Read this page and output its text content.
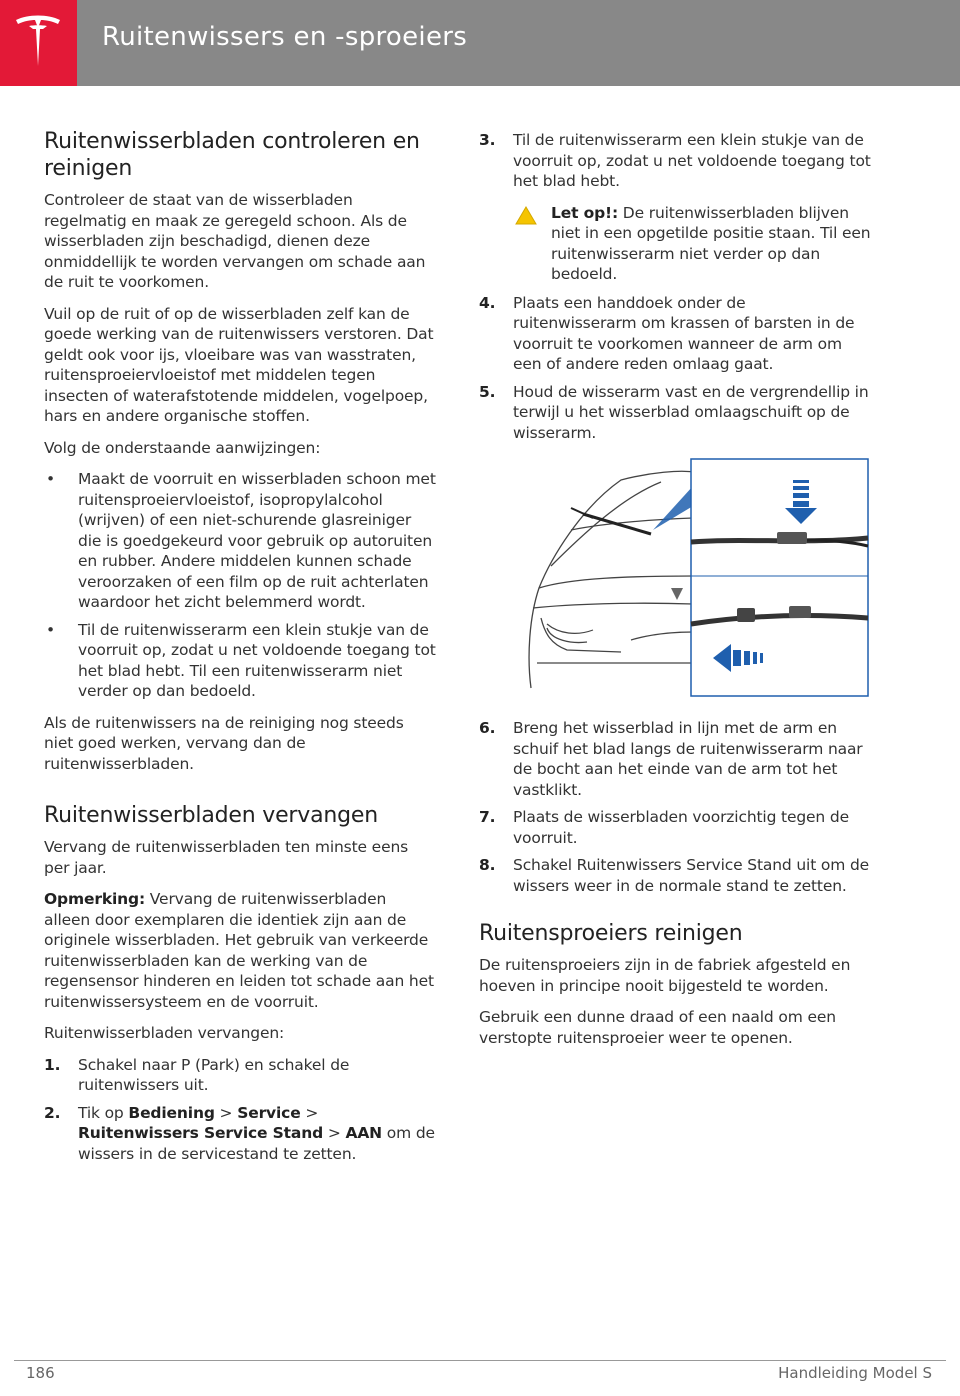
Ruitenwissers en -sproeiers
Ruitenwisserbladen controleren en reinigen

Controleer de staat van de wisserbladen regelmatig en maak ze geregeld schoon. Als de wisserbladen zijn beschadigd, dienen deze onmiddellijk te worden vervangen om schade aan de ruit te voorkomen.

Vuil op de ruit of op de wisserbladen zelf kan de goede werking van de ruitenwissers verstoren. Dat geldt ook voor ijs, vloeibare was van wasstraten, ruitensproeiervloeistof met middelen tegen insecten of waterafstotende middelen, vogelpoep, hars en andere organische stoffen.

Volg de onderstaande aanwijzingen:

• Maakt de voorruit en wisserbladen schoon met ruitensproeiervloeistof, isopropylalcohol (wrijven) of een niet-schurende glasreiniger die is goedgekeurd voor gebruik op autoruiten en rubber. Andere middelen kunnen schade veroorzaken of een film op de ruit achterlaten waardoor het zicht belemmerd wordt.
• Til de ruitenwisserarm een klein stukje van de voorruit op, zodat u net voldoende toegang tot het blad hebt. Til een ruitenwisserarm niet verder op dan bedoeld.

Als de ruitenwissers na de reiniging nog steeds niet goed werken, vervang dan de ruitenwisserbladen.

Ruitenwisserbladen vervangen

Vervang de ruitenwisserbladen ten minste eens per jaar.

Opmerking: Vervang de ruitenwisserbladen alleen door exemplaren die identiek zijn aan de originele wisserbladen. Het gebruik van verkeerde ruitenwisserbladen kan de werking van de regensensor hinderen en leiden tot schade aan het ruitenwissersysteem en de voorruit.

Ruitenwisserbladen vervangen:

1. Schakel naar P (Park) en schakel de ruitenwissers uit.
2. Tik op Bediening > Service > Ruitenwissers Service Stand > AAN om de wissers in de servicestand te zetten.
3. Til de ruitenwisserarm een klein stukje van de voorruit op, zodat u net voldoende toegang tot het blad hebt.
Let op!: De ruitenwisserbladen blijven niet in een opgetilde positie staan. Til een ruitenwisserarm niet verder op dan bedoeld.
4. Plaats een handdoek onder de ruitenwisserarm om krassen of barsten in de voorruit te voorkomen wanneer de arm om een of andere reden omlaag gaat.
5. Houd de wisserarm vast en de vergrendellip in terwijl u het wisserblad omlaagschuift op de wisserarm.
6. Breng het wisserblad in lijn met de arm en schuif het blad langs de ruitenwisserarm naar de bocht aan het einde van de arm tot het vastklikt.
7. Plaats de wisserbladen voorzichtig tegen de voorruit.
8. Schakel Ruitenwissers Service Stand uit om de wissers weer in de normale stand te zetten.
Ruitensproeiers reinigen

De ruitensproeiers zijn in de fabriek afgesteld en hoeven in principe nooit bijgesteld te worden.

Gebruik een dunne draad of een naald om een verstopte ruitensproeier weer te openen.

186	Handleiding Model S
